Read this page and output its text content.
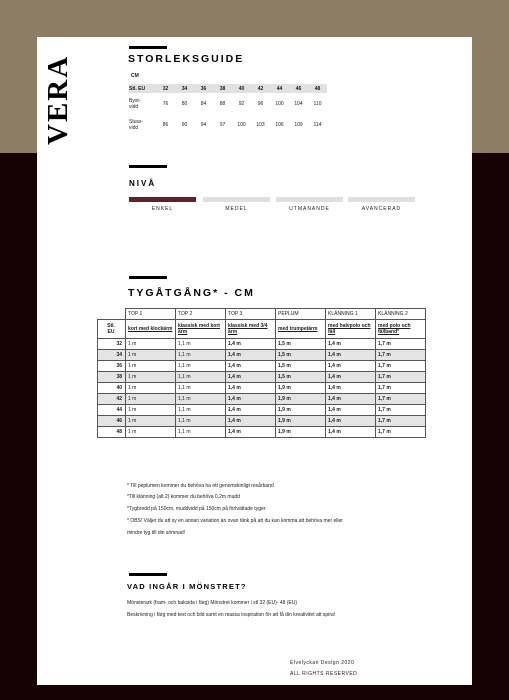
VERA	STORLEKSGUIDE
CM
Stl. EU	32	34	36	38	40	42	44	46	48
Byst-
vidd	76	80	84	88	92	96	100	104	110
Stuss-
vidd	86	90	94	97	100	103	106	109	114
NIVÅ
ENKEL	MEDEL	UTMANANDE	AVANCERAD
TYGÅTGÅNG* - CM
	TOP 1	TOP 2	TOP 3	PEPLUM	KLÄNNING 1	KLÄNNING 2
Stl.
EU	kort med klockärm	klassisk med kort ärm	klassisk med 3/4 ärm	med trumpetärm	med halvpolo och fåll	med polo och fällband*
32	1 m	1,1 m	1,4 m	1,5 m	1,4 m	1,7 m
34	1 m	1,1 m	1,4 m	1,5 m	1,4 m	1,7 m
36	1 m	1,1 m	1,4 m	1,5 m	1,4 m	1,7 m
38	1 m	1,1 m	1,4 m	1,5 m	1,4 m	1,7 m
40	1 m	1,1 m	1,4 m	1,9 m	1,4 m	1,7 m
42	1 m	1,1 m	1,4 m	1,9 m	1,4 m	1,7 m
44	1 m	1,1 m	1,4 m	1,9 m	1,4 m	1,7 m
46	1 m	1,1 m	1,4 m	1,9 m	1,4 m	1,7 m
48	1 m	1,1 m	1,4 m	1,9 m	1,4 m	1,7 m
* Till peplumen kommer du behöva ha ett genomskinligt resårband
*Till klänning (alt 2) kommer du behöva 0,2m mudd
*Tygbredd på 150cm, muddvidd på 150cm på förtvättade tyger
* OBS! Väljer du att sy en annan variation än ovan tänk på att du kan komma att behöva mer eller
mindre tyg till din sömnad!
VAD INGÅR I MÖNSTRET?
Mönsterark (fram- och baksida i färg) Mönstret kommer i stl 32 (EU)- 48 (EU)
Beskrivning i färg med text och bild samt en massa inspiration för att få din kreativitet att spira!
Elvelyckan Design 2020
ALL RIGHTS RESERVED
